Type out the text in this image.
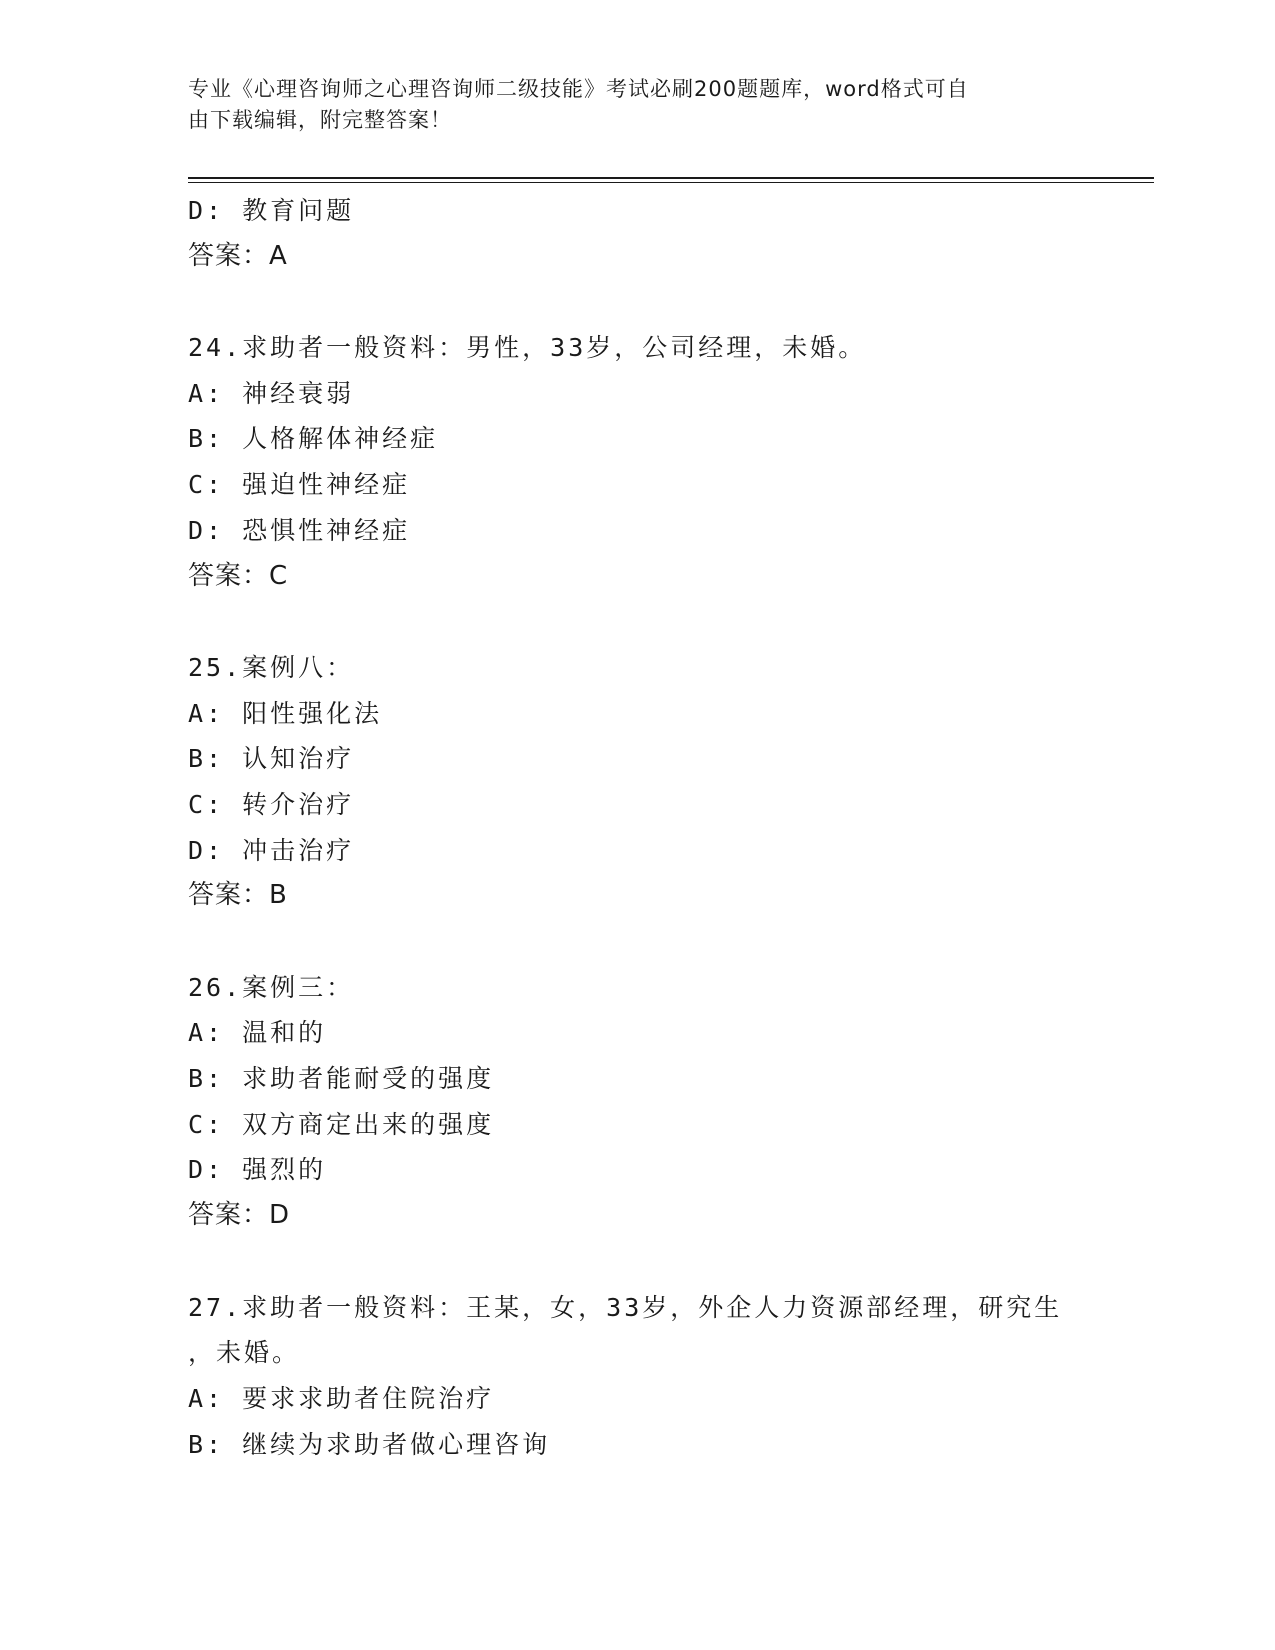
专业《心理咨询师之心理咨询师二级技能》考试必刷200题题库，word格式可自
由下载编辑，附完整答案！
D: 教育问题
答案：A
24.求助者一般资料：男性，33岁，公司经理，未婚。
A: 神经衰弱
B: 人格解体神经症
C: 强迫性神经症
D: 恐惧性神经症
答案：C
25.案例八：
A: 阳性强化法
B: 认知治疗
C: 转介治疗
D: 冲击治疗
答案：B
26.案例三：
A: 温和的
B: 求助者能耐受的强度
C: 双方商定出来的强度
D: 强烈的
答案：D
27.求助者一般资料：王某，女，33岁，外企人力资源部经理，研究生
，未婚。
A: 要求求助者住院治疗
B: 继续为求助者做心理咨询
